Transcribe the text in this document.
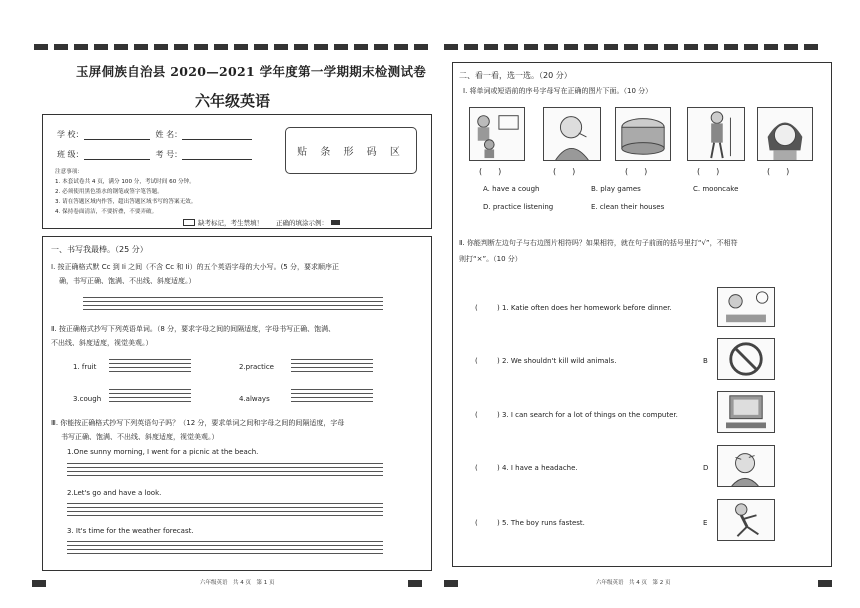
玉屏侗族自治县 2020—2021 学年度第一学期期末检测试卷
六年级英语
学 校：	姓 名：
班 级：	考 号：	贴 条 形 码 区
注意事项：
1. 本套试卷共 4 页，满分 100 分，考试时间 60 分钟。
2. 必须使用黑色墨水的钢笔或签字笔答题。
3. 请在答题区域内作答，超出答题区域书写的答案无效。
4. 保持卷面清洁，不要折叠，不要弄破。
缺考标记，考生禁填！ 正确的填涂示例：
一、书写我最棒。（25 分）
Ⅰ. 按正确格式默 Cc 到 Ii 之间（不含 Cc 和 Ii）的五个英语字母的大小写。(5 分，要求顺序正
确，书写正确、饱满、不出线、斜度适度。）
Ⅱ. 按正确格式抄写下列英语单词。（8 分，要求字母之间的间隔适度，字母书写正确、饱满、
不出线、斜度适度，视觉美观。）
1. fruit	2.practice
3.cough	4.always
Ⅲ. 你能按正确格式抄写下列英语句子吗？（12 分，要求单词之间和字母之间的间隔适度，字母
书写正确、饱满、不出线、斜度适度，视觉美观。）
1.One sunny morning, I went for a picnic at the beach.
2.Let's go and have a look.
3. It's time for the weather forecast.
六年级英语　共 4 页　第 1 页
二、看一看，选一选。（20 分）
Ⅰ. 将单词或短语前的序号字母写在正确的图片下面。（10 分）
(　　)	(　　)	(　　)	(　　)	(　　)
A. have a cough	B. play games	C. mooncake
D. practice listening	E. clean their houses
Ⅱ. 你能判断左边句子与右边图片相符吗？如果相符，就在句子前面的括号里打“√”，不相符
则打“×”。（10 分）
(	) 1. Katie often does her homework before dinner.
(	) 2. We shouldn't kill wild animals.	B
(	) 3. I can search for a lot of things on the computer.
(	) 4. I have a headache.	D
(	) 5. The boy runs fastest.	E
六年级英语　共 4 页　第 2 页
